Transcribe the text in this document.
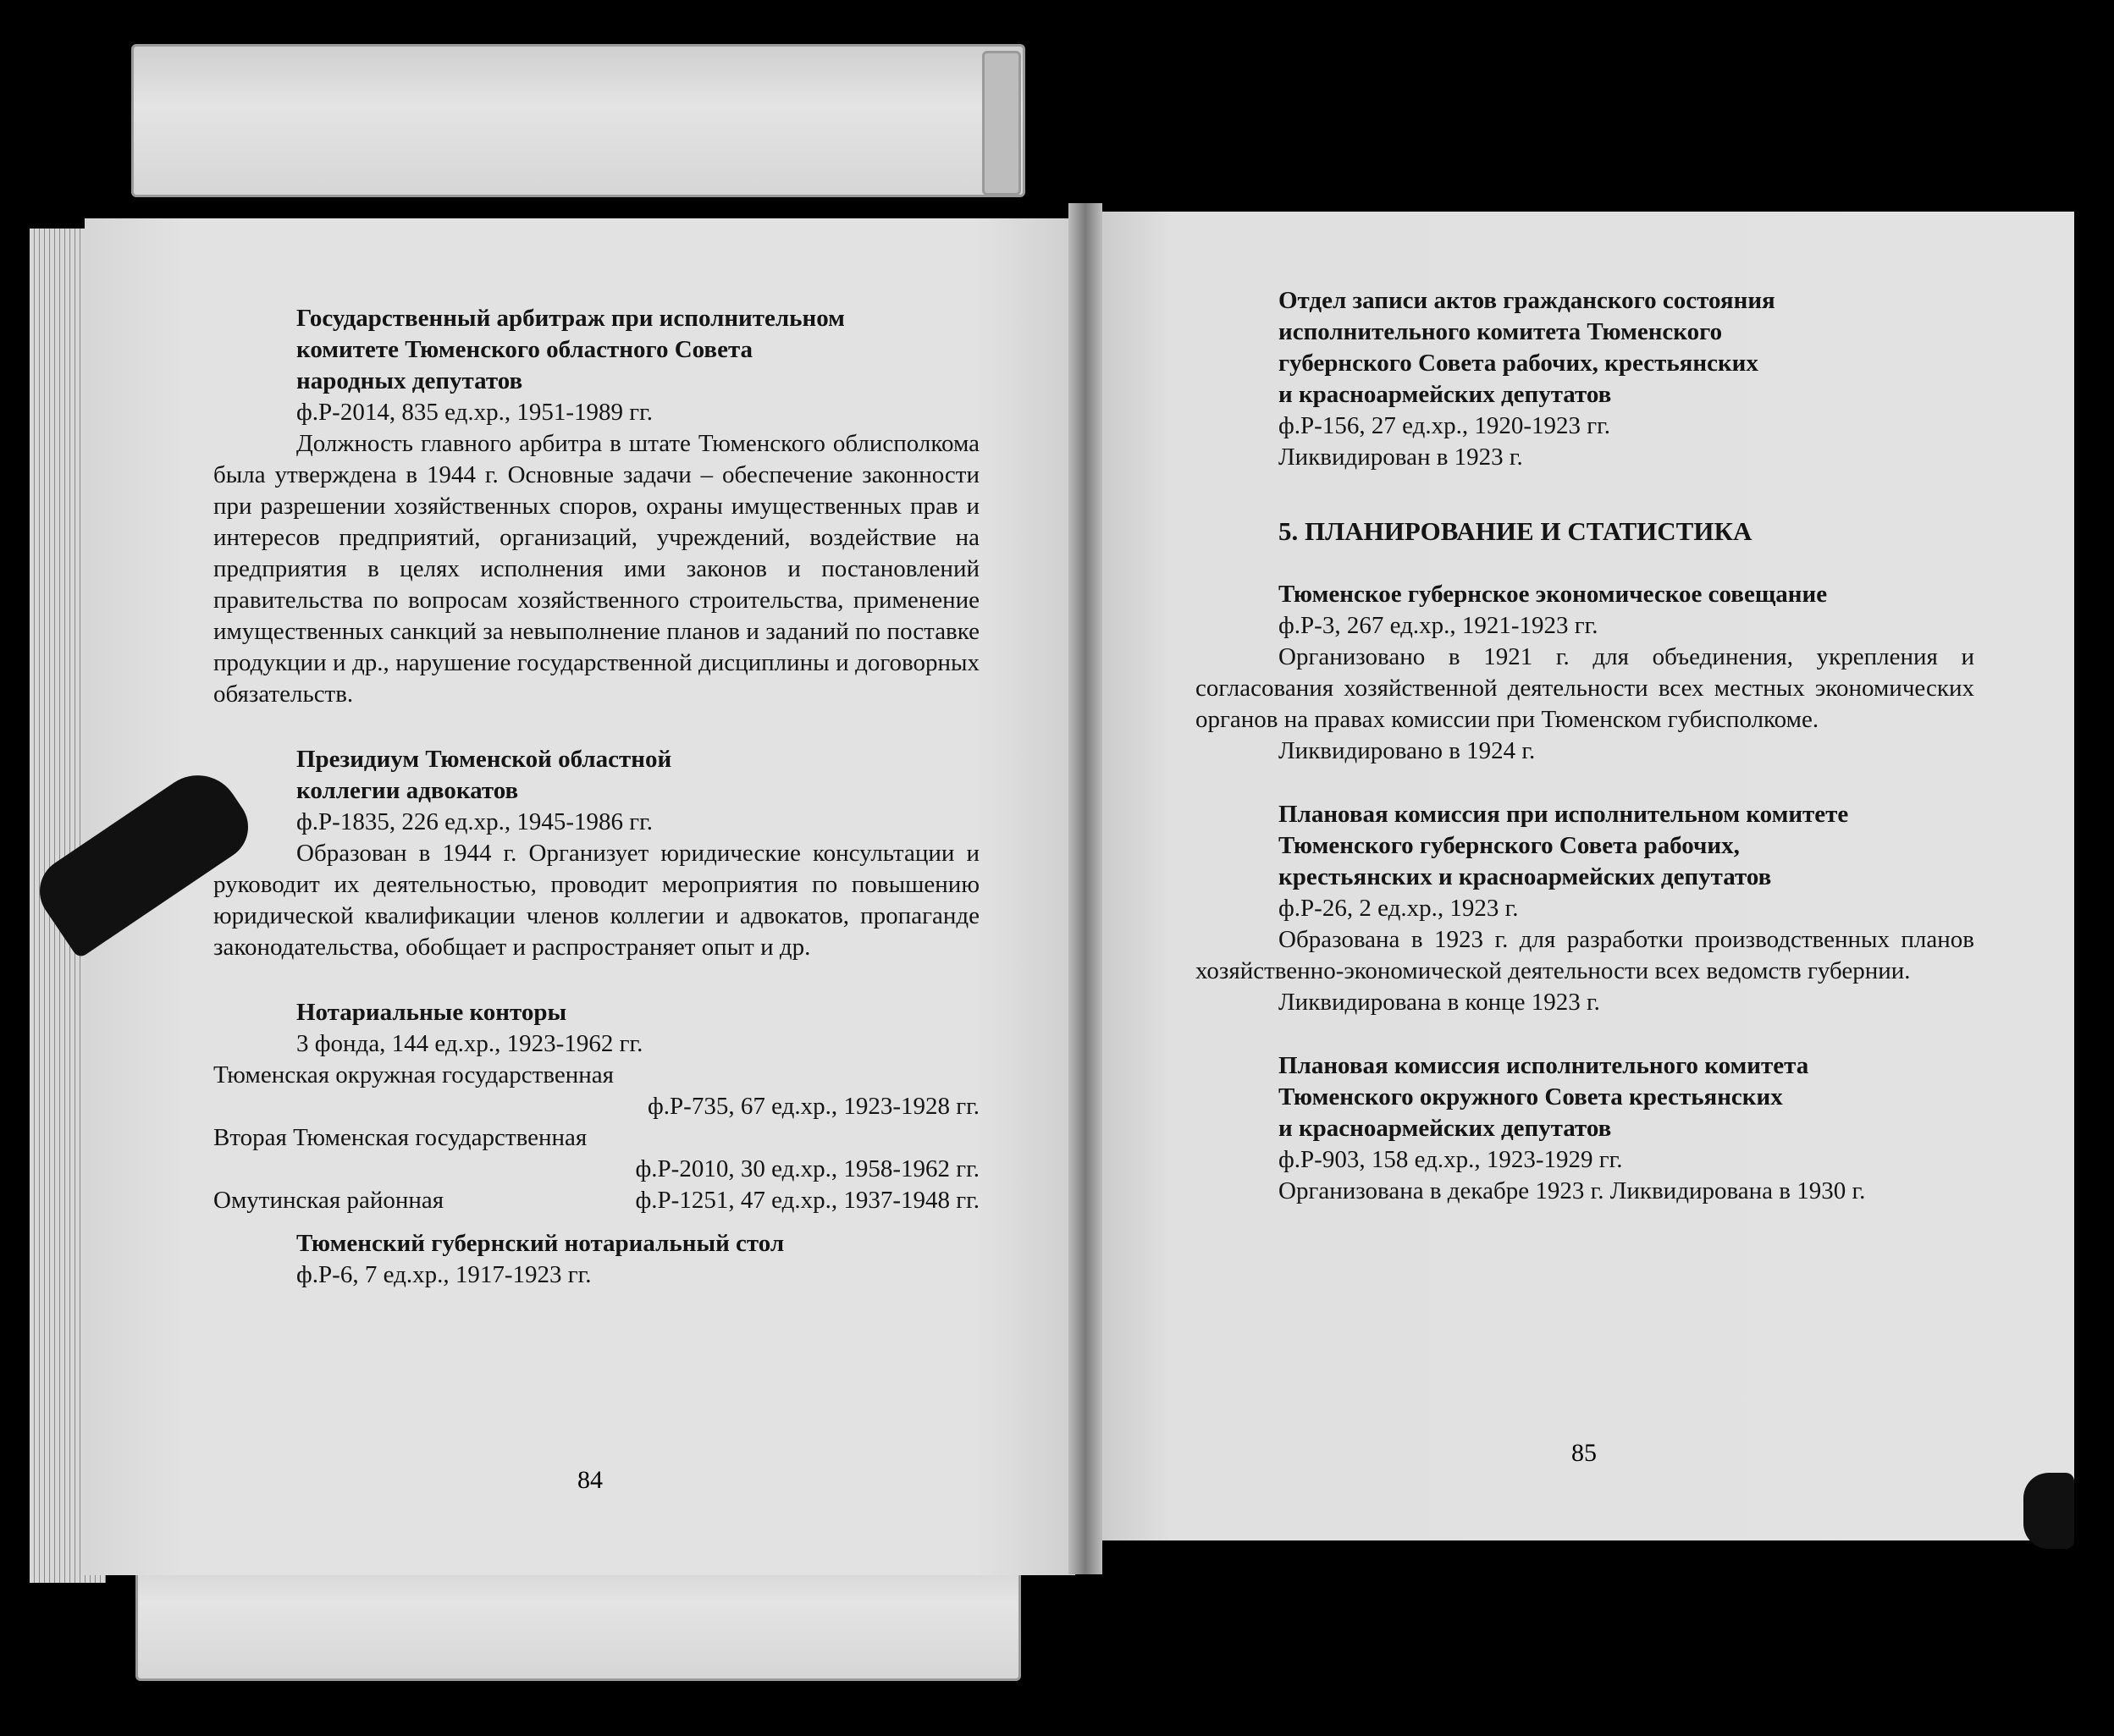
Государственный арбитраж при исполнительном
комитете Тюменского областного Совета
народных депутатов
ф.Р-2014, 835 ед.хр., 1951-1989 гг.

Должность главного арбитра в штате Тюменского облисполкома была утверждена в 1944 г. Основные задачи – обеспечение законности при разрешении хозяйственных споров, охраны имущественных прав и интересов предприятий, организаций, учреждений, воздействие на предприятия в целях исполнения ими законов и постановлений правительства по вопросам хозяйственного строительства, применение имущественных санкций за невыполнение планов и заданий по поставке продукции и др., нарушение государственной дисциплины и договорных обязательств.

Президиум Тюменской областной
коллегии адвокатов
ф.Р-1835, 226 ед.хр., 1945-1986 гг.

Образован в 1944 г. Организует юридические консультации и руководит их деятельностью, проводит мероприятия по повышению юридической квалификации членов коллегии и адвокатов, пропаганде законодательства, обобщает и распространяет опыт и др.

Нотариальные конторы
3 фонда, 144 ед.хр., 1923-1962 гг.
Тюменская окружная государственная
ф.Р-735, 67 ед.хр., 1923-1928 гг.
Вторая Тюменская государственная
ф.Р-2010, 30 ед.хр., 1958-1962 гг.
Омутинская районная	ф.Р-1251, 47 ед.хр., 1937-1948 гг.
Тюменский губернский нотариальный стол
ф.Р-6, 7 ед.хр., 1917-1923 гг.
84
Отдел записи актов гражданского состояния
исполнительного комитета Тюменского
губернского Совета рабочих, крестьянских
и красноармейских депутатов
ф.Р-156, 27 ед.хр., 1920-1923 гг.
Ликвидирован в 1923 г.
5. ПЛАНИРОВАНИЕ И СТАТИСТИКА
Тюменское губернское экономическое совещание
ф.Р-3, 267 ед.хр., 1921-1923 гг.

Организовано в 1921 г. для объединения, укрепления и согласования хозяйственной деятельности всех местных экономических органов на правах комиссии при Тюменском губисполкоме.

Ликвидировано в 1924 г.
Плановая комиссия при исполнительном комитете
Тюменского губернского Совета рабочих,
крестьянских и красноармейских депутатов
ф.Р-26, 2 ед.хр., 1923 г.

Образована в 1923 г. для разработки производственных планов хозяйственно-экономической деятельности всех ведомств губернии.

Ликвидирована в конце 1923 г.
Плановая комиссия исполнительного комитета
Тюменского окружного Совета крестьянских
и красноармейских депутатов
ф.Р-903, 158 ед.хр., 1923-1929 гг.

Организована в декабре 1923 г. Ликвидирована в 1930 г.

85
